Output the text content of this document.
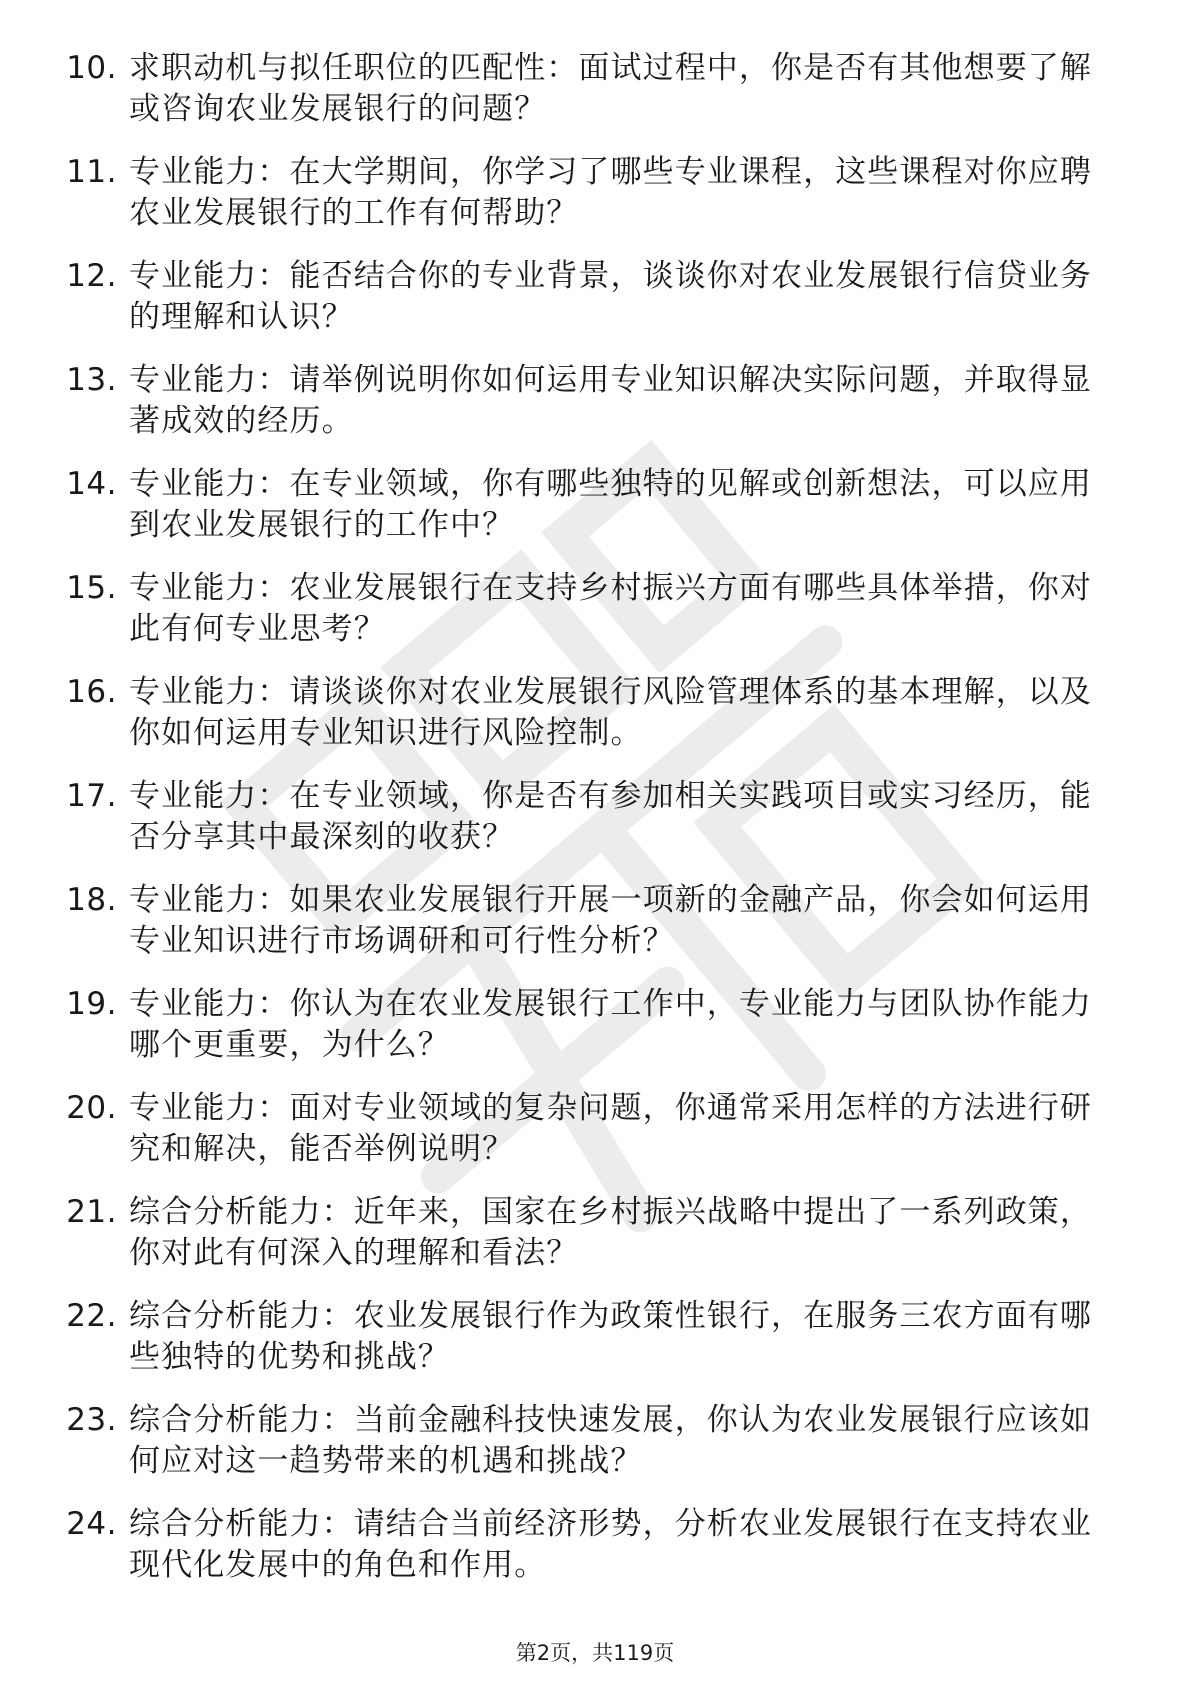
10. 求职动机与拟任职位的匹配性：面试过程中，你是否有其他想要了解或咨询农业发展银行的问题？
11. 专业能力：在大学期间，你学习了哪些专业课程，这些课程对你应聘农业发展银行的工作有何帮助？
12. 专业能力：能否结合你的专业背景，谈谈你对农业发展银行信贷业务的理解和认识？
13. 专业能力：请举例说明你如何运用专业知识解决实际问题，并取得显著成效的经历。
14. 专业能力：在专业领域，你有哪些独特的见解或创新想法，可以应用到农业发展银行的工作中？
15. 专业能力：农业发展银行在支持乡村振兴方面有哪些具体举措，你对此有何专业思考？
16. 专业能力：请谈谈你对农业发展银行风险管理体系的基本理解，以及你如何运用专业知识进行风险控制。
17. 专业能力：在专业领域，你是否有参加相关实践项目或实习经历，能否分享其中最深刻的收获？
18. 专业能力：如果农业发展银行开展一项新的金融产品，你会如何运用专业知识进行市场调研和可行性分析？
19. 专业能力：你认为在农业发展银行工作中，专业能力与团队协作能力哪个更重要，为什么？
20. 专业能力：面对专业领域的复杂问题，你通常采用怎样的方法进行研究和解决，能否举例说明？
21. 综合分析能力：近年来，国家在乡村振兴战略中提出了一系列政策，你对此有何深入的理解和看法？
22. 综合分析能力：农业发展银行作为政策性银行，在服务三农方面有哪些独特的优势和挑战？
23. 综合分析能力：当前金融科技快速发展，你认为农业发展银行应该如何应对这一趋势带来的机遇和挑战？
24. 综合分析能力：请结合当前经济形势，分析农业发展银行在支持农业现代化发展中的角色和作用。
第2页，共119页
